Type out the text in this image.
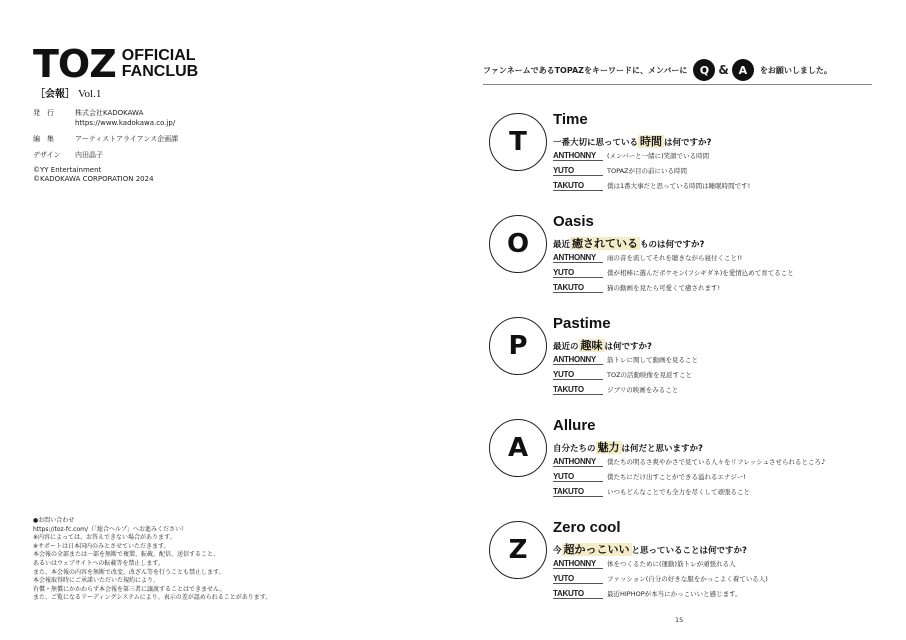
TOZ OFFICIAL
FANCLUB
［会報］ Vol.1
発　行	株式会社KADOKAWA
https://www.kadokawa.co.jp/
編　集	アーティストアライアンス企画課
デザイン	内田晶子
©YY Entertainment
©KADOKAWA CORPORATION 2024
●お問い合わせ
https://toz-fc.com/（「総合ヘルプ」へお進みください）
※内容によっては、お答えできない場合があります。
※サポートは日本国内のみとさせていただきます。
本会報の全部または一部を無断で複製、転載、配信、送信すること、
あるいはウェブサイトへの転載等を禁止します。
また、本会報の内容を無断で改変、改ざん等を行うことも禁止します。
本会報取得時にご承諾いただいた規約により、
有償・無償にかかわらず本会報を第三者に譲渡することはできません。
また、ご覧になるリーディングシステムにより、表示の差が認められることがあります。
ファンネームであるTOPAZをキーワードに、メンバーに	Q & A	をお願いしました。
T
Time
一番大切に思っている 時間 は何ですか?
ANTHONNY	(メンバーと一緒に)笑顔でいる時間
YUTO	TOPAZが目の前にいる時間
TAKUTO	僕は1番大事だと思っている時間は睡眠時間です!
O
Oasis
最近 癒されている ものは何ですか?
ANTHONNY	雨の音を流してそれを聴きながら寝付くこと!!
YUTO	僕が相棒に選んだポケモン(フシギダネ)を愛情込めて育てること
TAKUTO	猫の動画を見たら可愛くて癒されます!
P
Pastime
最近の 趣味 は何ですか?
ANTHONNY	筋トレに関して動画を見ること
YUTO	TOZの活動映像を見返すこと
TAKUTO	ジブリの映画をみること
A
Allure
自分たちの 魅力 は何だと思いますか?
ANTHONNY	僕たちの明るさ爽やかさで見ている人々をリフレッシュさせられるところ♪
YUTO	僕たちにだけ出すことができる溢れるエナジー!
TAKUTO	いつもどんなことでも全力を尽くして頑張ること
Z
Zero cool
今 超かっこいい と思っていることは何ですか?
ANTHONNY	体をつくるために(運動)筋トレが頑張れる人
YUTO	ファッション(自分の好きな服をかっこよく着ている人)
TAKUTO	最近HIPHOPが本当にかっこいいと感じます。
15
